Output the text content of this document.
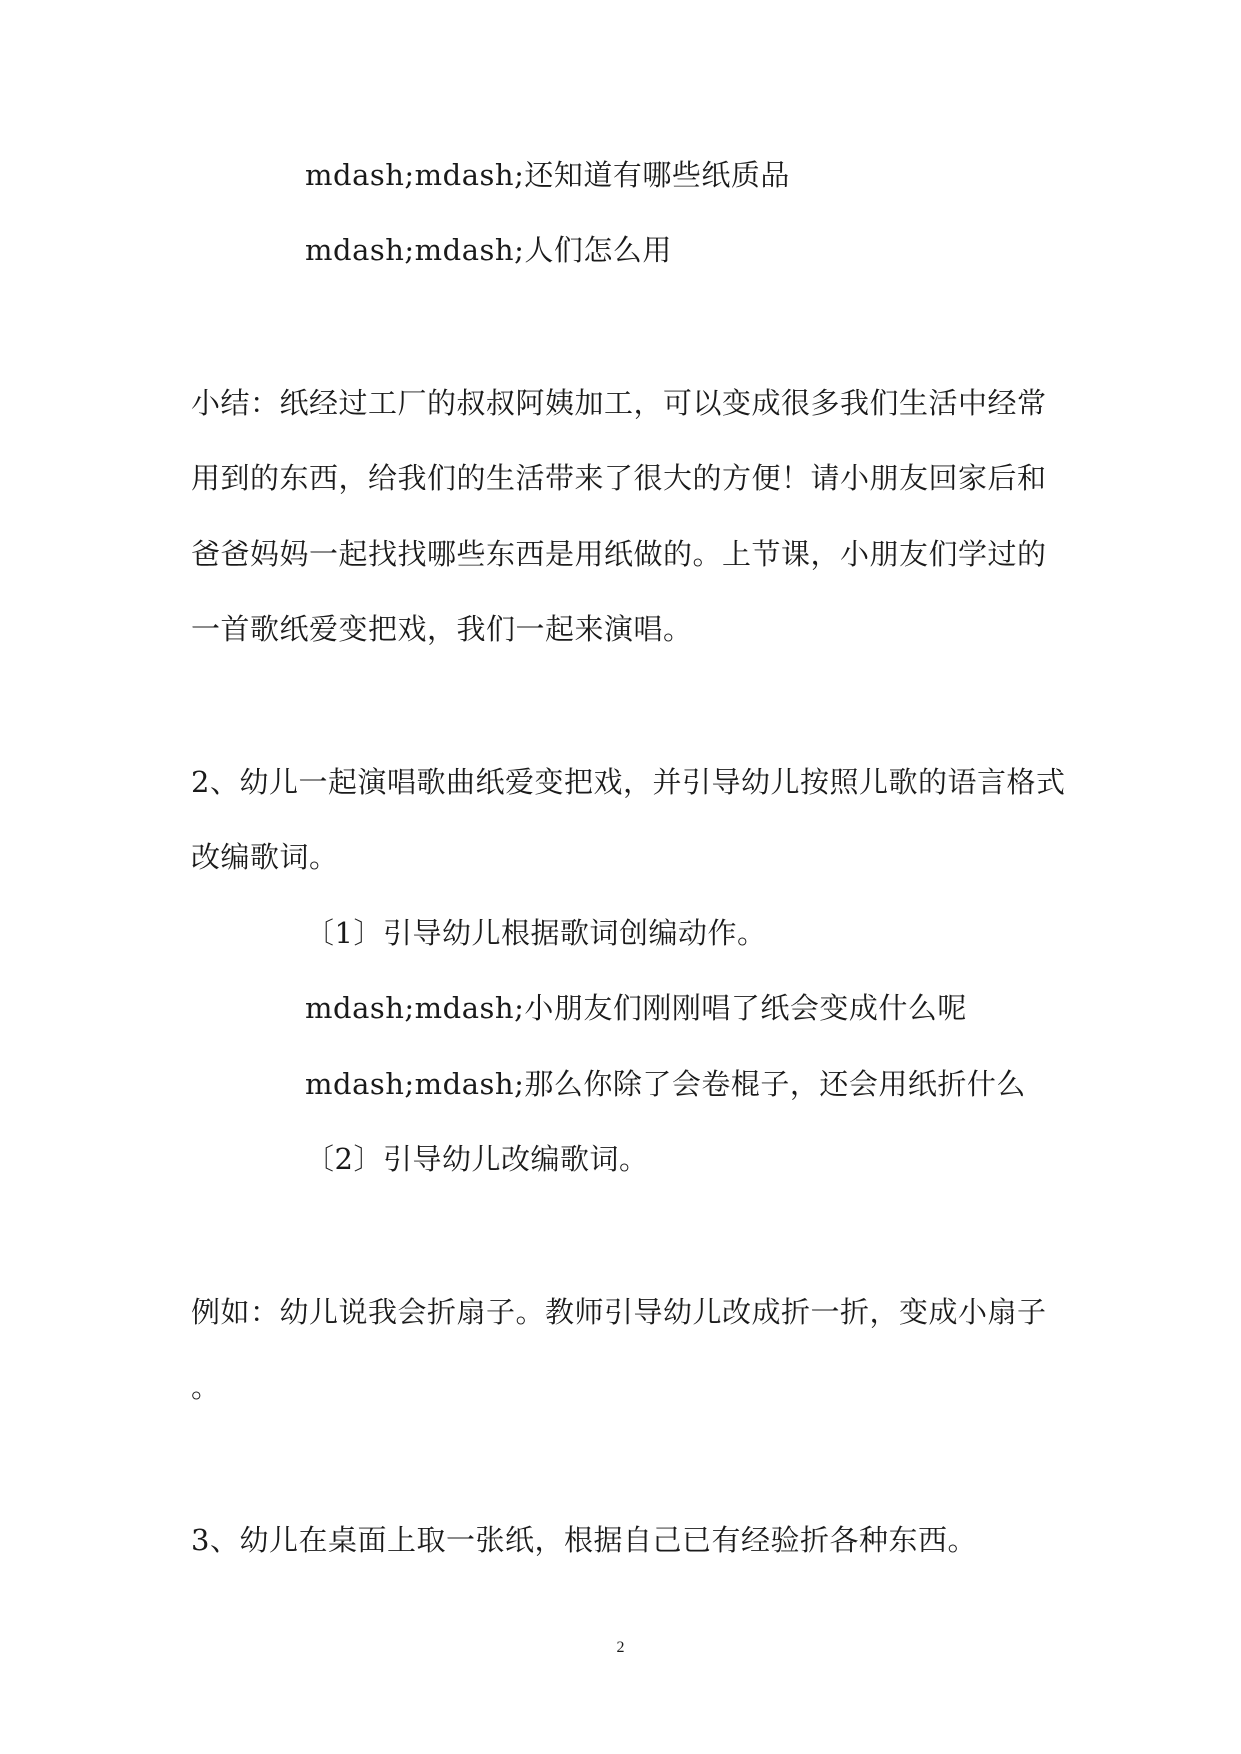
mdash;mdash;还知道有哪些纸质品
mdash;mdash;人们怎么用
小结：纸经过工厂的叔叔阿姨加工，可以变成很多我们生活中经常
用到的东西，给我们的生活带来了很大的方便！请小朋友回家后和
爸爸妈妈一起找找哪些东西是用纸做的。上节课，小朋友们学过的
一首歌纸爱变把戏，我们一起来演唱。
2、幼儿一起演唱歌曲纸爱变把戏，并引导幼儿按照儿歌的语言格式
改编歌词。
〔1〕引导幼儿根据歌词创编动作。
mdash;mdash;小朋友们刚刚唱了纸会变成什么呢
mdash;mdash;那么你除了会卷棍子，还会用纸折什么
〔2〕引导幼儿改编歌词。
例如：幼儿说我会折扇子。教师引导幼儿改成折一折，变成小扇子
。
3、幼儿在桌面上取一张纸，根据自己已有经验折各种东西。
2
